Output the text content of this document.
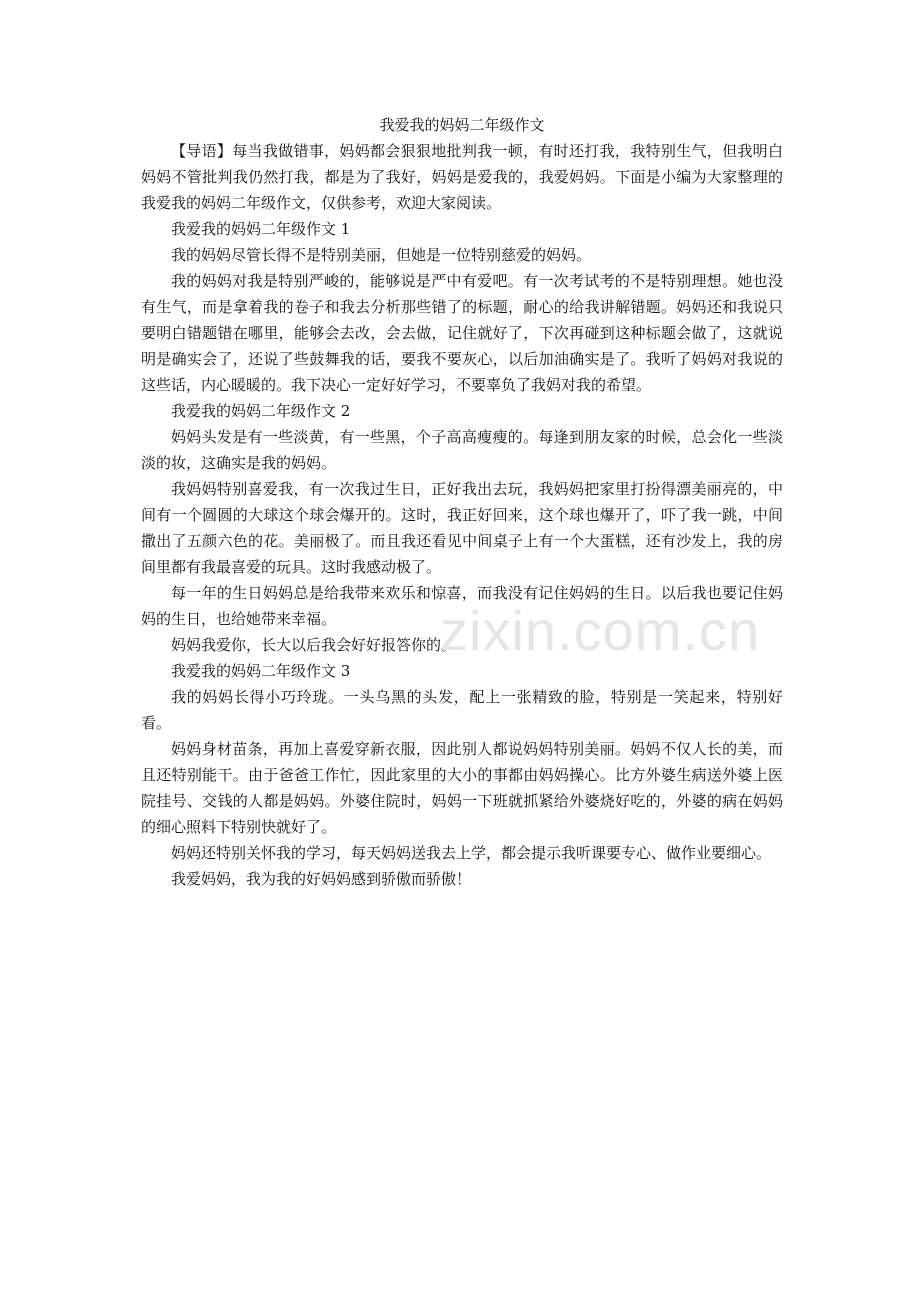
我爱我的妈妈二年级作文

【导语】每当我做错事，妈妈都会狠狠地批判我一顿，有时还打我，我特别生气，但我明白妈妈不管批判我仍然打我，都是为了我好，妈妈是爱我的，我爱妈妈。下面是小编为大家整理的我爱我的妈妈二年级作文，仅供参考，欢迎大家阅读。

我爱我的妈妈二年级作文 1

我的妈妈尽管长得不是特别美丽，但她是一位特别慈爱的妈妈。

我的妈妈对我是特别严峻的，能够说是严中有爱吧。有一次考试考的不是特别理想。她也没有生气，而是拿着我的卷子和我去分析那些错了的标题，耐心的给我讲解错题。妈妈还和我说只要明白错题错在哪里，能够会去改，会去做，记住就好了，下次再碰到这种标题会做了，这就说明是确实会了，还说了些鼓舞我的话，要我不要灰心，以后加油确实是了。我听了妈妈对我说的这些话，内心暖暖的。我下决心一定好好学习，不要辜负了我妈对我的希望。

我爱我的妈妈二年级作文 2

妈妈头发是有一些淡黄，有一些黑，个子高高瘦瘦的。每逢到朋友家的时候，总会化一些淡淡的妆，这确实是我的妈妈。

我妈妈特别喜爱我，有一次我过生日，正好我出去玩，我妈妈把家里打扮得漂美丽亮的，中间有一个圆圆的大球这个球会爆开的。这时，我正好回来，这个球也爆开了，吓了我一跳，中间撒出了五颜六色的花。美丽极了。而且我还看见中间桌子上有一个大蛋糕，还有沙发上，我的房间里都有我最喜爱的玩具。这时我感动极了。

每一年的生日妈妈总是给我带来欢乐和惊喜，而我没有记住妈妈的生日。以后我也要记住妈妈的生日，也给她带来幸福。

妈妈我爱你，长大以后我会好好报答你的。

我爱我的妈妈二年级作文 3

我的妈妈长得小巧玲珑。一头乌黑的头发，配上一张精致的脸，特别是一笑起来，特别好看。

妈妈身材苗条，再加上喜爱穿新衣服，因此别人都说妈妈特别美丽。妈妈不仅人长的美，而且还特别能干。由于爸爸工作忙，因此家里的大小的事都由妈妈操心。比方外婆生病送外婆上医院挂号、交钱的人都是妈妈。外婆住院时，妈妈一下班就抓紧给外婆烧好吃的，外婆的病在妈妈的细心照料下特别快就好了。

妈妈还特别关怀我的学习，每天妈妈送我去上学，都会提示我听课要专心、做作业要细心。

我爱妈妈，我为我的好妈妈感到骄傲而骄傲！

zixin.com.cn
